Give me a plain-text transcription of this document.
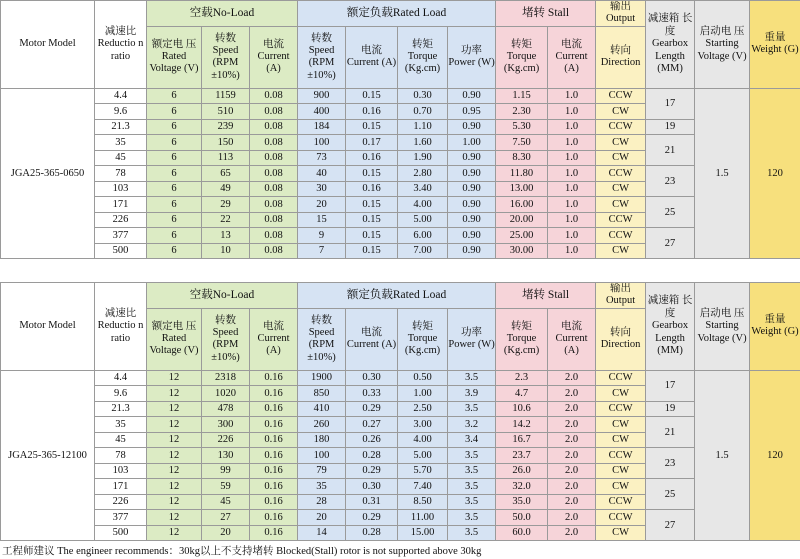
Motor Model	减速比 Reductio n ratio	空载No-Load			额定负载Rated Load				堵转 Stall		输出 Output	减速箱 长度 Gearbox Length (MM)	启动电 压Starting Voltage (V)	重量 Weight (G)
		额定电 压Rated Voltage (V)	转数 Speed (RPM ±10%)	电流 Current (A)	转数 Speed (RPM ±10%)	电流 Current (A)	转矩 Torque (Kg.cm)	功率 Power (W)	转矩 Torque (Kg.cm)	电流 Current (A)	转向 Direction			
JGA25-365-0650	4.4	6	1159	0.08	900	0.15	0.30	0.90	1.15	1.0	CCW	17	1.5	120
	9.6	6	510	0.08	400	0.16	0.70	0.95	2.30	1.0	CW			
	21.3	6	239	0.08	184	0.15	1.10	0.90	5.30	1.0	CCW	19		
	35	6	150	0.08	100	0.17	1.60	1.00	7.50	1.0	CW	21		
	45	6	113	0.08	73	0.16	1.90	0.90	8.30	1.0	CW			
	78	6	65	0.08	40	0.15	2.80	0.90	11.80	1.0	CCW	23		
	103	6	49	0.08	30	0.16	3.40	0.90	13.00	1.0	CW			
	171	6	29	0.08	20	0.15	4.00	0.90	16.00	1.0	CW	25		
	226	6	22	0.08	15	0.15	5.00	0.90	20.00	1.0	CCW			
	377	6	13	0.08	9	0.15	6.00	0.90	25.00	1.0	CCW	27		
	500	6	10	0.08	7	0.15	7.00	0.90	30.00	1.0	CW			
Motor Model	减速比 Reductio n ratio	空载No-Load			额定负载Rated Load				堵转 Stall		输出 Output	减速箱 长度 Gearbox Length (MM)	启动电 压Starting Voltage (V)	重量 Weight (G)
		额定电 压Rated Voltage (V)	转数 Speed (RPM ±10%)	电流 Current (A)	转数 Speed (RPM ±10%)	电流 Current (A)	转矩 Torque (Kg.cm)	功率 Power (W)	转矩 Torque (Kg.cm)	电流 Current (A)	转向 Direction			
JGA25-365-12100	4.4	12	2318	0.16	1900	0.30	0.50	3.5	2.3	2.0	CCW	17	1.5	120
	9.6	12	1020	0.16	850	0.33	1.00	3.9	4.7	2.0	CW			
	21.3	12	478	0.16	410	0.29	2.50	3.5	10.6	2.0	CCW	19		
	35	12	300	0.16	260	0.27	3.00	3.2	14.2	2.0	CW	21		
	45	12	226	0.16	180	0.26	4.00	3.4	16.7	2.0	CW			
	78	12	130	0.16	100	0.28	5.00	3.5	23.7	2.0	CCW	23		
	103	12	99	0.16	79	0.29	5.70	3.5	26.0	2.0	CW			
	171	12	59	0.16	35	0.30	7.40	3.5	32.0	2.0	CW	25		
	226	12	45	0.16	28	0.31	8.50	3.5	35.0	2.0	CCW			
	377	12	27	0.16	20	0.29	11.00	3.5	50.0	2.0	CCW	27		
	500	12	20	0.16	14	0.28	15.00	3.5	60.0	2.0	CW			
工程师建议 The engineer recommends：30kg以上不支持堵转 Blocked(Stall) rotor is not supported above 30kg
